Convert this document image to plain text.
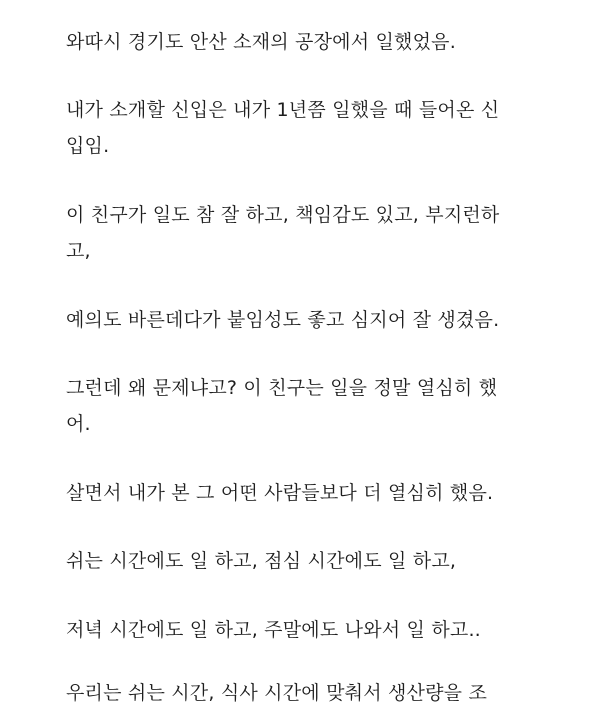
와따시 경기도 안산 소재의 공장에서 일했었음.
내가 소개할 신입은 내가 1년쯤 일했을 때 들어온 신
입임.
이 친구가 일도 참 잘 하고, 책임감도 있고, 부지런하
고,
예의도 바른데다가 붙임성도 좋고 심지어 잘 생겼음.
그런데 왜 문제냐고? 이 친구는 일을 정말 열심히 했
어.
살면서 내가 본 그 어떤 사람들보다 더 열심히 했음.
쉬는 시간에도 일 하고, 점심 시간에도 일 하고,
저녁 시간에도 일 하고, 주말에도 나와서 일 하고..
우리는 쉬는 시간, 식사 시간에 맞춰서 생산량을 조
